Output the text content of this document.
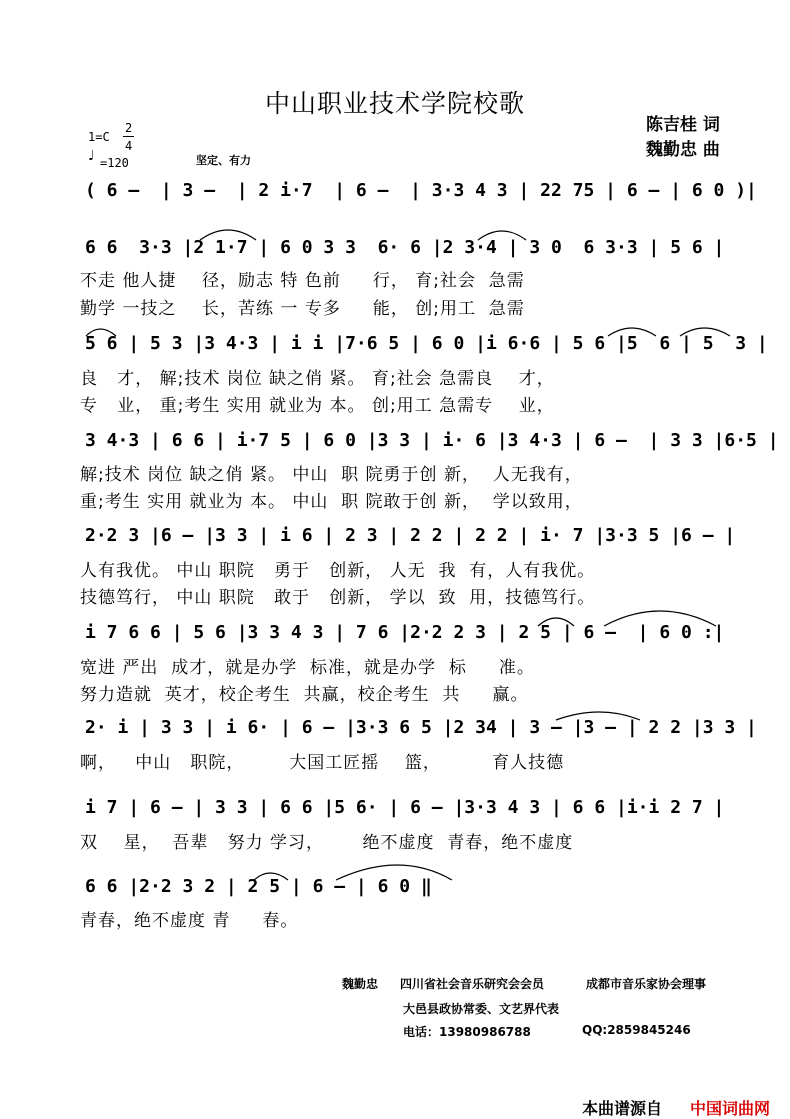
中山职业技术学院校歌
陈吉桂 词
魏勤忠 曲
1=C
2
4
♩ =120	坚定、有力
( 6 –  | 3 –  | 2 i·7  | 6 –  | 3·3 4 3 | 22 75 | 6 – | 6 0 )|
6 6  3·3 |2 1·7 | 6 0 3 3  6· 6 |2 3·4 | 3 0  6 3·3 | 5 6 |
不走 他人捷    径，励志 特 色前     行， 育;社会  急需
勤学 一技之    长，苦练 一 专多     能， 创;用工  急需
5 6 | 5 3 |3 4·3 | i i |7·6 5 | 6 0 |i 6·6 | 5 6 |5  6 | 5  3 |
良   才， 解;技术 岗位 缺之俏 紧。 育;社会 急需良    才，
专   业， 重;考生 实用 就业为 本。 创;用工 急需专    业，
3 4·3 | 6 6 | i·7 5 | 6 0 |3 3 | i· 6 |3 4·3 | 6 –  | 3 3 |6·5 |
解;技术 岗位 缺之俏 紧。 中山  职 院勇于创 新，  人无我有，
重;考生 实用 就业为 本。 中山  职 院敢于创 新，  学以致用，
2·2 3 |6 – |3 3 | i 6 | 2 3 | 2 2 | 2 2 | i· 7 |3·3 5 |6 – |
人有我优。 中山 职院   勇于   创新， 人无  我  有，人有我优。
技德笃行， 中山 职院   敢于   创新， 学以  致  用，技德笃行。
i 7 6 6 | 5 6 |3 3 4 3 | 7 6 |2·2 2 3 | 2 5 | 6 –  | 6 0 :|
宽进 严出  成才，就是办学  标准，就是办学  标     准。
努力造就  英才，校企考生  共赢，校企考生  共     赢。
2· i | 3 3 | i 6· | 6 – |3·3 6 5 |2 34 | 3 – |3 – | 2 2 |3 3 |
啊，   中山   职院，       大国工匠摇    篮，        育人技德
i 7 | 6 – | 3 3 | 6 6 |5 6· | 6 – |3·3 4 3 | 6 6 |i·i 2 7 |
双    星，  吾辈   努力 学习，      绝不虚度  青春，绝不虚度
6 6 |2·2 3 2 | 2 5 | 6 – | 6 0 ‖
青春，绝不虚度 青     春。
魏勤忠 四川省社会音乐研究会会员	成都市音乐家协会理事
大邑县政协常委、文艺界代表
电话：13980986788	QQ:2859845246
本曲谱源自 中国词曲网
